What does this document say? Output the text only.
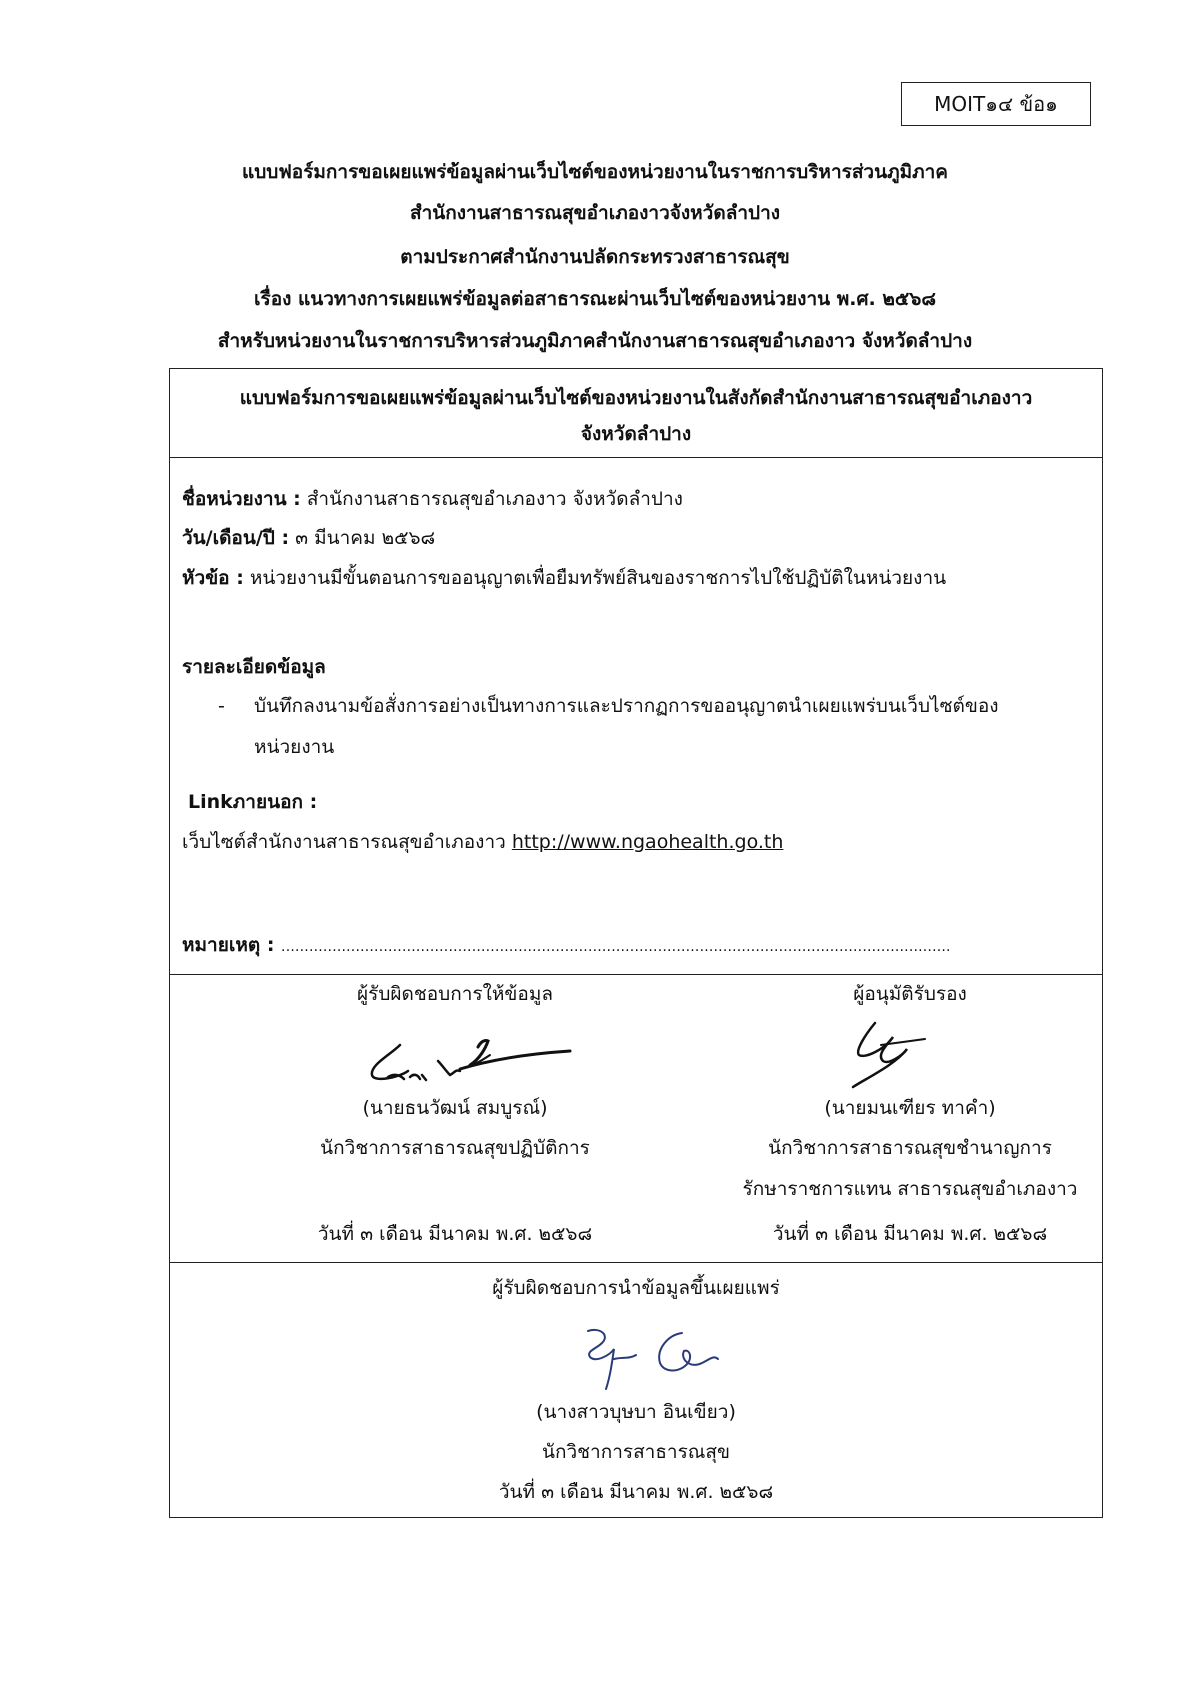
MOIT๑๔ ข้อ๑
แบบฟอร์มการขอเผยแพร่ข้อมูลผ่านเว็บไซต์ของหน่วยงานในราชการบริหารส่วนภูมิภาค
สำนักงานสาธารณสุขอำเภองาวจังหวัดลำปาง
ตามประกาศสำนักงานปลัดกระทรวงสาธารณสุข
เรื่อง แนวทางการเผยแพร่ข้อมูลต่อสาธารณะผ่านเว็บไซต์ของหน่วยงาน พ.ศ. ๒๕๖๘
สำหรับหน่วยงานในราชการบริหารส่วนภูมิภาคสำนักงานสาธารณสุขอำเภองาว จังหวัดลำปาง
แบบฟอร์มการขอเผยแพร่ข้อมูลผ่านเว็บไซต์ของหน่วยงานในสังกัดสำนักงานสาธารณสุขอำเภองาว
จังหวัดลำปาง
ชื่อหน่วยงาน : สำนักงานสาธารณสุขอำเภองาว จังหวัดลำปาง
วัน/เดือน/ปี : ๓ มีนาคม ๒๕๖๘
หัวข้อ : หน่วยงานมีขั้นตอนการขออนุญาตเพื่อยืมทรัพย์สินของราชการไปใช้ปฏิบัติในหน่วยงาน
รายละเอียดข้อมูล
- บันทึกลงนามข้อสั่งการอย่างเป็นทางการและปรากฏการขออนุญาตนำเผยแพร่บนเว็บไซต์ของ
หน่วยงาน
Linkภายนอก :
เว็บไซต์สำนักงานสาธารณสุขอำเภองาว http://www.ngaohealth.go.th
หมายเหตุ : ................................................................................................................................................
ผู้รับผิดชอบการให้ข้อมูล
(นายธนวัฒน์ สมบูรณ์)
นักวิชาการสาธารณสุขปฏิบัติการ
วันที่ ๓ เดือน มีนาคม พ.ศ. ๒๕๖๘
ผู้อนุมัติรับรอง
(นายมนเฑียร ทาคำ)
นักวิชาการสาธารณสุขชำนาญการ
รักษาราชการแทน สาธารณสุขอำเภองาว
วันที่ ๓ เดือน มีนาคม พ.ศ. ๒๕๖๘
ผู้รับผิดชอบการนำข้อมูลขึ้นเผยแพร่
(นางสาวบุษบา อินเขียว)
นักวิชาการสาธารณสุข
วันที่ ๓ เดือน มีนาคม พ.ศ. ๒๕๖๘
